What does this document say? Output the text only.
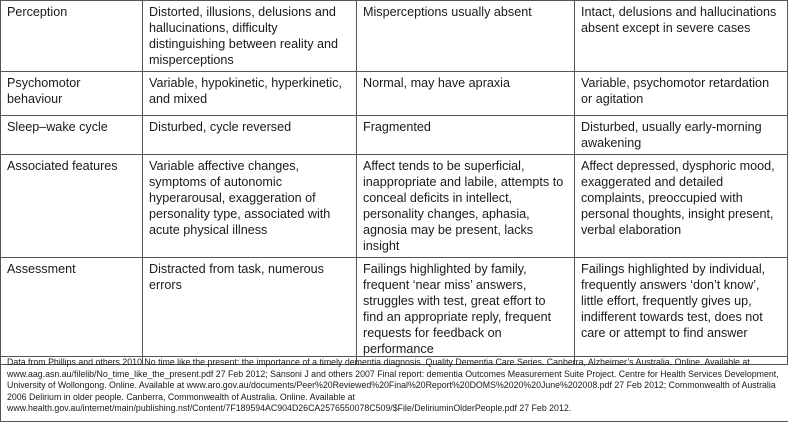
Perception	Distorted, illusions, delusions and hallucinations, difficulty distinguishing between reality and misperceptions	Misperceptions usually absent	Intact, delusions and hallucinations absent except in severe cases
Psychomotor behaviour	Variable, hypokinetic, hyperkinetic, and mixed	Normal, may have apraxia	Variable, psychomotor retardation or agitation
Sleep–wake cycle	Disturbed, cycle reversed	Fragmented	Disturbed, usually early-morning awakening
Associated features	Variable affective changes, symptoms of autonomic hyperarousal, exaggeration of personality type, associated with acute physical illness	Affect tends to be superficial, inappropriate and labile, attempts to conceal deficits in intellect, personality changes, aphasia, agnosia may be present, lacks insight	Affect depressed, dysphoric mood, exaggerated and detailed complaints, preoccupied with personal thoughts, insight present, verbal elaboration
Assessment	Distracted from task, numerous errors	Failings highlighted by family, frequent ‘near miss’ answers, struggles with test, great effort to find an appropriate reply, frequent requests for feedback on performance	Failings highlighted by individual, frequently answers ‘don’t know’, little effort, frequently gives up, indifferent towards test, does not care or attempt to find answer
Data from Phillips and others 2010 No time like the present: the importance of a timely dementia diagnosis. Quality Dementia Care Series. Canberra, Alzheimer’s Australia. Online. Available at www.aag.asn.au/filelib/No_time_like_the_present.pdf 27 Feb 2012; Sansoni J and others 2007 Final report: dementia Outcomes Measurement Suite Project. Centre for Health Services Development, University of Wollongong. Online. Available at www.aro.gov.au/documents/Peer%20Reviewed%20Final%20Report%20DOMS%2020%20June%202008.pdf 27 Feb 2012; Commonwealth of Australia 2006 Delirium in older people. Canberra, Commonwealth of Australia. Online. Available at www.health.gov.au/internet/main/publishing.nsf/Content/7F189594AC904D26CA2576550078C509/$File/DeliriuminOlderPeople.pdf 27 Feb 2012.
